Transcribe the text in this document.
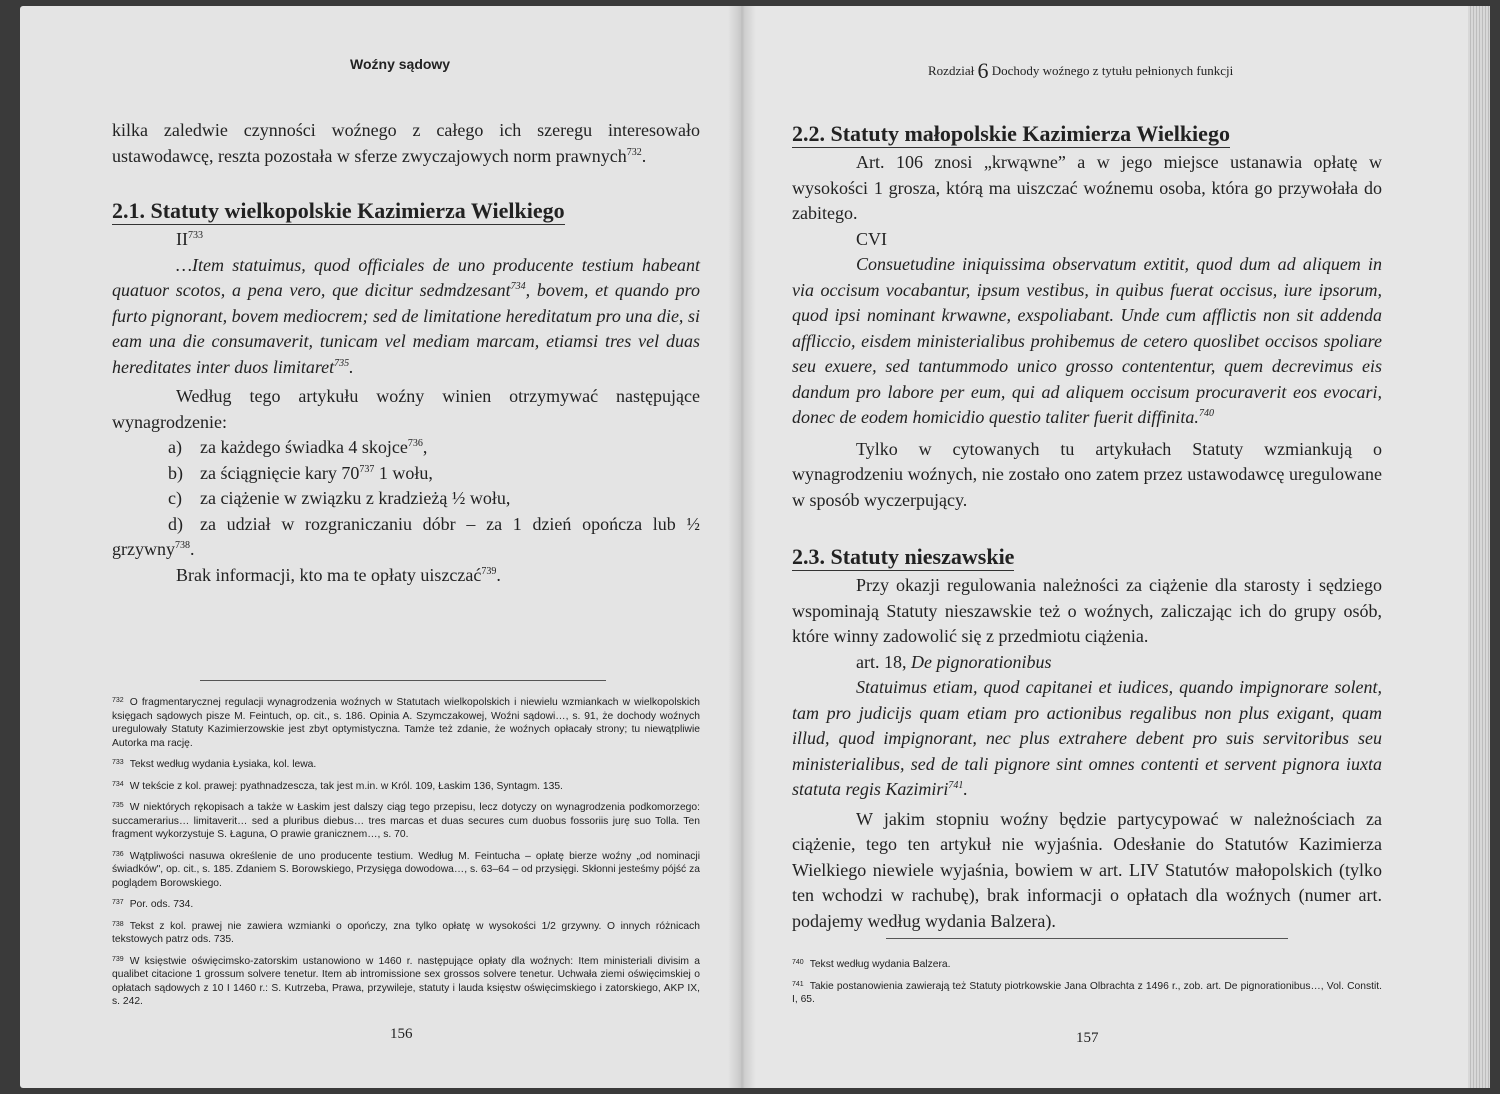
Woźny sądowy

kilka zaledwie czynności woźnego z całego ich szeregu interesowało ustawodawcę, reszta pozostała w sferze zwyczajowych norm prawnych$^{732}$.

2.1. Statuty wielkopolskie Kazimierza Wielkiego

II$^{733}$

…Item statuimus, quod officiales de uno producente testium habeant quatuor scotos, a pena vero, que dicitur sedmdzesant$^{734}$, bovem, et quando pro furto pignorant, bovem mediocrem; sed de limitatione hereditatum pro una die, si eam una die consumaverit, tunicam vel mediam marcam, etiamsi tres vel duas hereditates inter duos limitaret$^{735}$.

Według tego artykułu woźny winien otrzymywać następujące wynagrodzenie:

a)	za każdego świadka 4 skojce$^{736}$,
b) za ściągnięcie kary $70^{737}$ 1 wołu,
c)	za ciążenie w związku z kradzieżą ½ wołu,

d) za udział w rozgraniczaniu dóbr – za 1 dzień opończa lub ½ grzywny$^{738}$.

Brak informacji, kto ma te opłaty uiszczać$^{739}$.

$^{732}$ O fragmentarycznej regulacji wynagrodzenia woźnych w Statutach wielkopolskich i niewielu wzmiankach w wielkopolskich księgach sądowych pisze M. Feintuch, op. cit., s. 186. Opinia A. Szymczakowej, Woźni sądowi…, s. 91, że dochody woźnych uregulowały Statuty Kazimierzowskie jest zbyt optymistyczna. Tamże też zdanie, że woźnych opłacały strony; tu niewątpliwie Autorka ma rację.
$^{733}$ Tekst według wydania Łysiaka, kol. lewa.
$^{734}$ W tekście z kol. prawej: pyathnadzescza, tak jest m.in. w Król. 109, Łaskim 136, Syntagm. 135.
$^{735}$ W niektórych rękopisach a także w Łaskim jest dalszy ciąg tego przepisu, lecz dotyczy on wynagrodzenia podkomorzego: succamerarius… limitaverit… sed a pluribus diebus… tres marcas et duas secures cum duobus fossoriis jurę suo Tolla. Ten fragment wykorzystuje S. Łaguna, O prawie granicznem…, s. 70.
$^{736}$ Wątpliwości nasuwa określenie de uno producente testium. Według M. Feintucha – opłatę bierze woźny „od nominacji świadków", op. cit., s. 185. Zdaniem S. Borowskiego, Przysięga dowodowa…, s. 63–64 – od przysięgi. Skłonni jesteśmy pójść za poglądem Borowskiego.
$^{737}$ Por. ods. 734.
$^{738}$ Tekst z kol. prawej nie zawiera wzmianki o opończy, zna tylko opłatę w wysokości 1/2 grzywny. O innych różnicach tekstowych patrz ods. 735.
$^{739}$ W księstwie oświęcimsko-zatorskim ustanowiono w 1460 r. następujące opłaty dla woźnych: Item ministeriali divisim a qualibet citacione 1 grossum solvere tenetur. Item ab intromissione sex grossos solvere tenetur. Uchwała ziemi oświęcimskiej o opłatach sądowych z 10 I 1460 r.: S. Kutrzeba, Prawa, przywileje, statuty i lauda księstw oświęcimskiego i zatorskiego, AKP IX, s. 242.
156
Rozdział 6 Dochody woźnego z tytułu pełnionych funkcji
2.2. Statuty małopolskie Kazimierza Wielkiego

Art. 106 znosi „krwąwne” a w jego miejsce ustanawia opłatę w wysokości 1 grosza, którą ma uiszczać woźnemu osoba, która go przywołała do zabitego.

CVI

Consuetudine iniquissima observatum extitit, quod dum ad aliquem in via occisum vocabantur, ipsum vestibus, in quibus fuerat occisus, iure ipsorum, quod ipsi nominant krwawne, exspoliabant. Unde cum afflictis non sit addenda affliccio, eisdem ministerialibus prohibemus de cetero quoslibet occisos spoliare seu exuere, sed tantummodo unico grosso contententur, quem decrevimus eis dandum pro labore per eum, qui ad aliquem occisum procuraverit eos evocari, donec de eodem homicidio questio taliter fuerit diffinita.$^{740}$

Tylko w cytowanych tu artykułach Statuty wzmiankują o wynagrodzeniu woźnych, nie zostało ono zatem przez ustawodawcę uregulowane w sposób wyczerpujący.

2.3. Statuty nieszawskie

Przy okazji regulowania należności za ciążenie dla starosty i sędziego wspominają Statuty nieszawskie też o woźnych, zaliczając ich do grupy osób, które winny zadowolić się z przedmiotu ciążenia.

art. 18, De pignorationibus

Statuimus etiam, quod capitanei et iudices, quando impignorare solent, tam pro judicijs quam etiam pro actionibus regalibus non plus exigant, quam illud, quod impignorant, nec plus extrahere debent pro suis servitoribus seu ministerialibus, sed de tali pignore sint omnes contenti et servent pignora iuxta statuta regis Kazimiri$^{741}$.

W jakim stopniu woźny będzie partycypować w należnościach za ciążenie, tego ten artykuł nie wyjaśnia. Odesłanie do Statutów Kazimierza Wielkiego niewiele wyjaśnia, bowiem w art. LIV Statutów małopolskich (tylko ten wchodzi w rachubę), brak informacji o opłatach dla woźnych (numer art. podajemy według wydania Balzera).

$^{740}$ Tekst według wydania Balzera.
$^{741}$ Takie postanowienia zawierają też Statuty piotrkowskie Jana Olbrachta z 1496 r., zob. art. De pignorationibus…, Vol. Constit. I, 65.
157
